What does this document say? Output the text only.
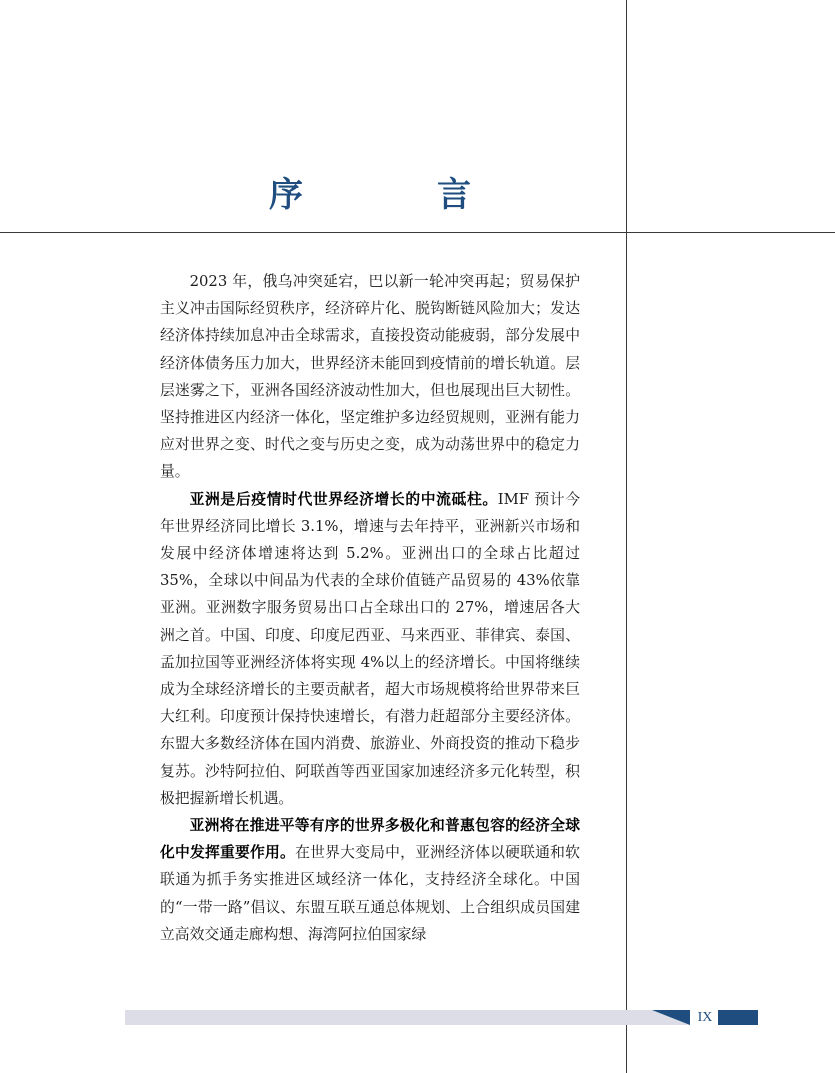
序　言

2023 年，俄乌冲突延宕，巴以新一轮冲突再起；贸易保护主义冲击国际经贸秩序，经济碎片化、脱钩断链风险加大；发达经济体持续加息冲击全球需求，直接投资动能疲弱，部分发展中经济体债务压力加大，世界经济未能回到疫情前的增长轨道。层层迷雾之下，亚洲各国经济波动性加大，但也展现出巨大韧性。坚持推进区内经济一体化，坚定维护多边经贸规则，亚洲有能力应对世界之变、时代之变与历史之变，成为动荡世界中的稳定力量。

亚洲是后疫情时代世界经济增长的中流砥柱。IMF 预计今年世界经济同比增长 3.1%，增速与去年持平，亚洲新兴市场和发展中经济体增速将达到 5.2%。亚洲出口的全球占比超过 35%，全球以中间品为代表的全球价值链产品贸易的 43%依靠亚洲。亚洲数字服务贸易出口占全球出口的 27%，增速居各大洲之首。中国、印度、印度尼西亚、马来西亚、菲律宾、泰国、孟加拉国等亚洲经济体将实现 4%以上的经济增长。中国将继续成为全球经济增长的主要贡献者，超大市场规模将给世界带来巨大红利。印度预计保持快速增长，有潜力赶超部分主要经济体。东盟大多数经济体在国内消费、旅游业、外商投资的推动下稳步复苏。沙特阿拉伯、阿联酋等西亚国家加速经济多元化转型，积极把握新增长机遇。

亚洲将在推进平等有序的世界多极化和普惠包容的经济全球化中发挥重要作用。在世界大变局中，亚洲经济体以硬联通和软联通为抓手务实推进区域经济一体化，支持经济全球化。中国的“一带一路”倡议、东盟互联互通总体规划、上合组织成员国建立高效交通走廊构想、海湾阿拉伯国家绿

IX
